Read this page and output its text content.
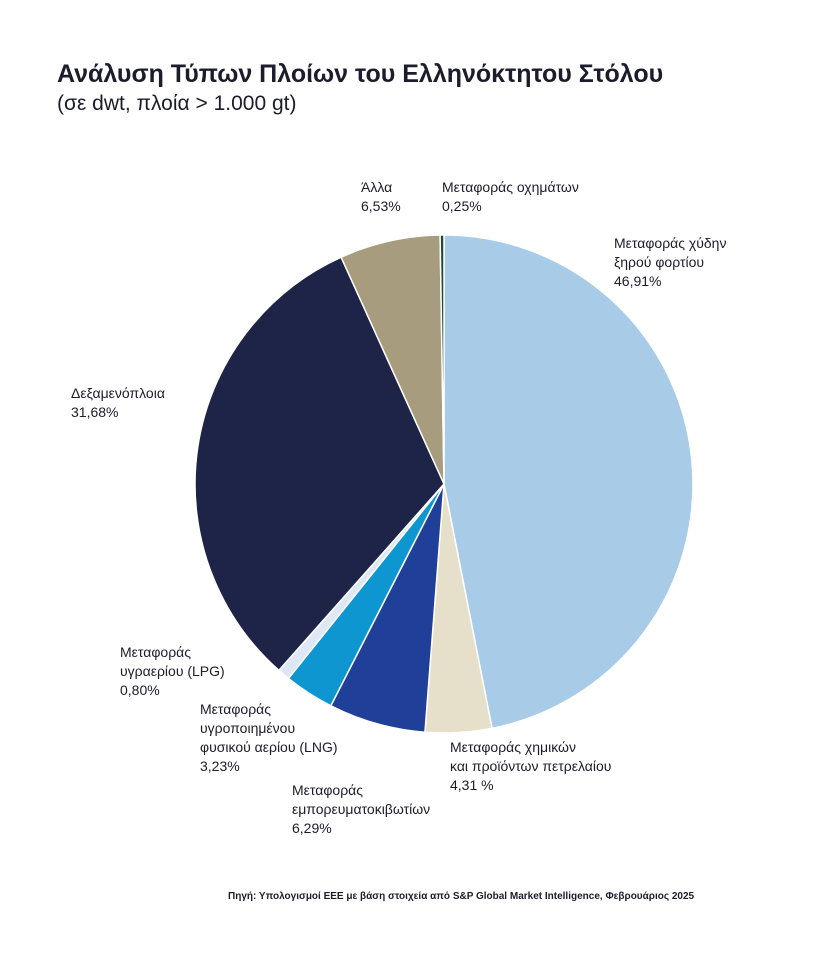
Ανάλυση Τύπων Πλοίων του Ελληνόκτητου Στόλου
(σε dwt, πλοία > 1.000 gt)
Μεταφοράς χύδην
ξηρού φορτίου
46,91%
Μεταφοράς χημικών
και προϊόντων πετρελαίου
4,31 %
Μεταφοράς
εμπορευματοκιβωτίων
6,29%
Μεταφοράς
υγροποιημένου
φυσικού αερίου (LNG)
3,23%
Μεταφοράς
υγραερίου (LPG)
0,80%
Δεξαμενόπλοια
31,68%
Άλλα
6,53%
Μεταφοράς οχημάτων
0,25%
Πηγή: Υπολογισμοί ΕΕΕ με βάση στοιχεία από S&P Global Market Intelligence, Φεβρουάριος 2025
